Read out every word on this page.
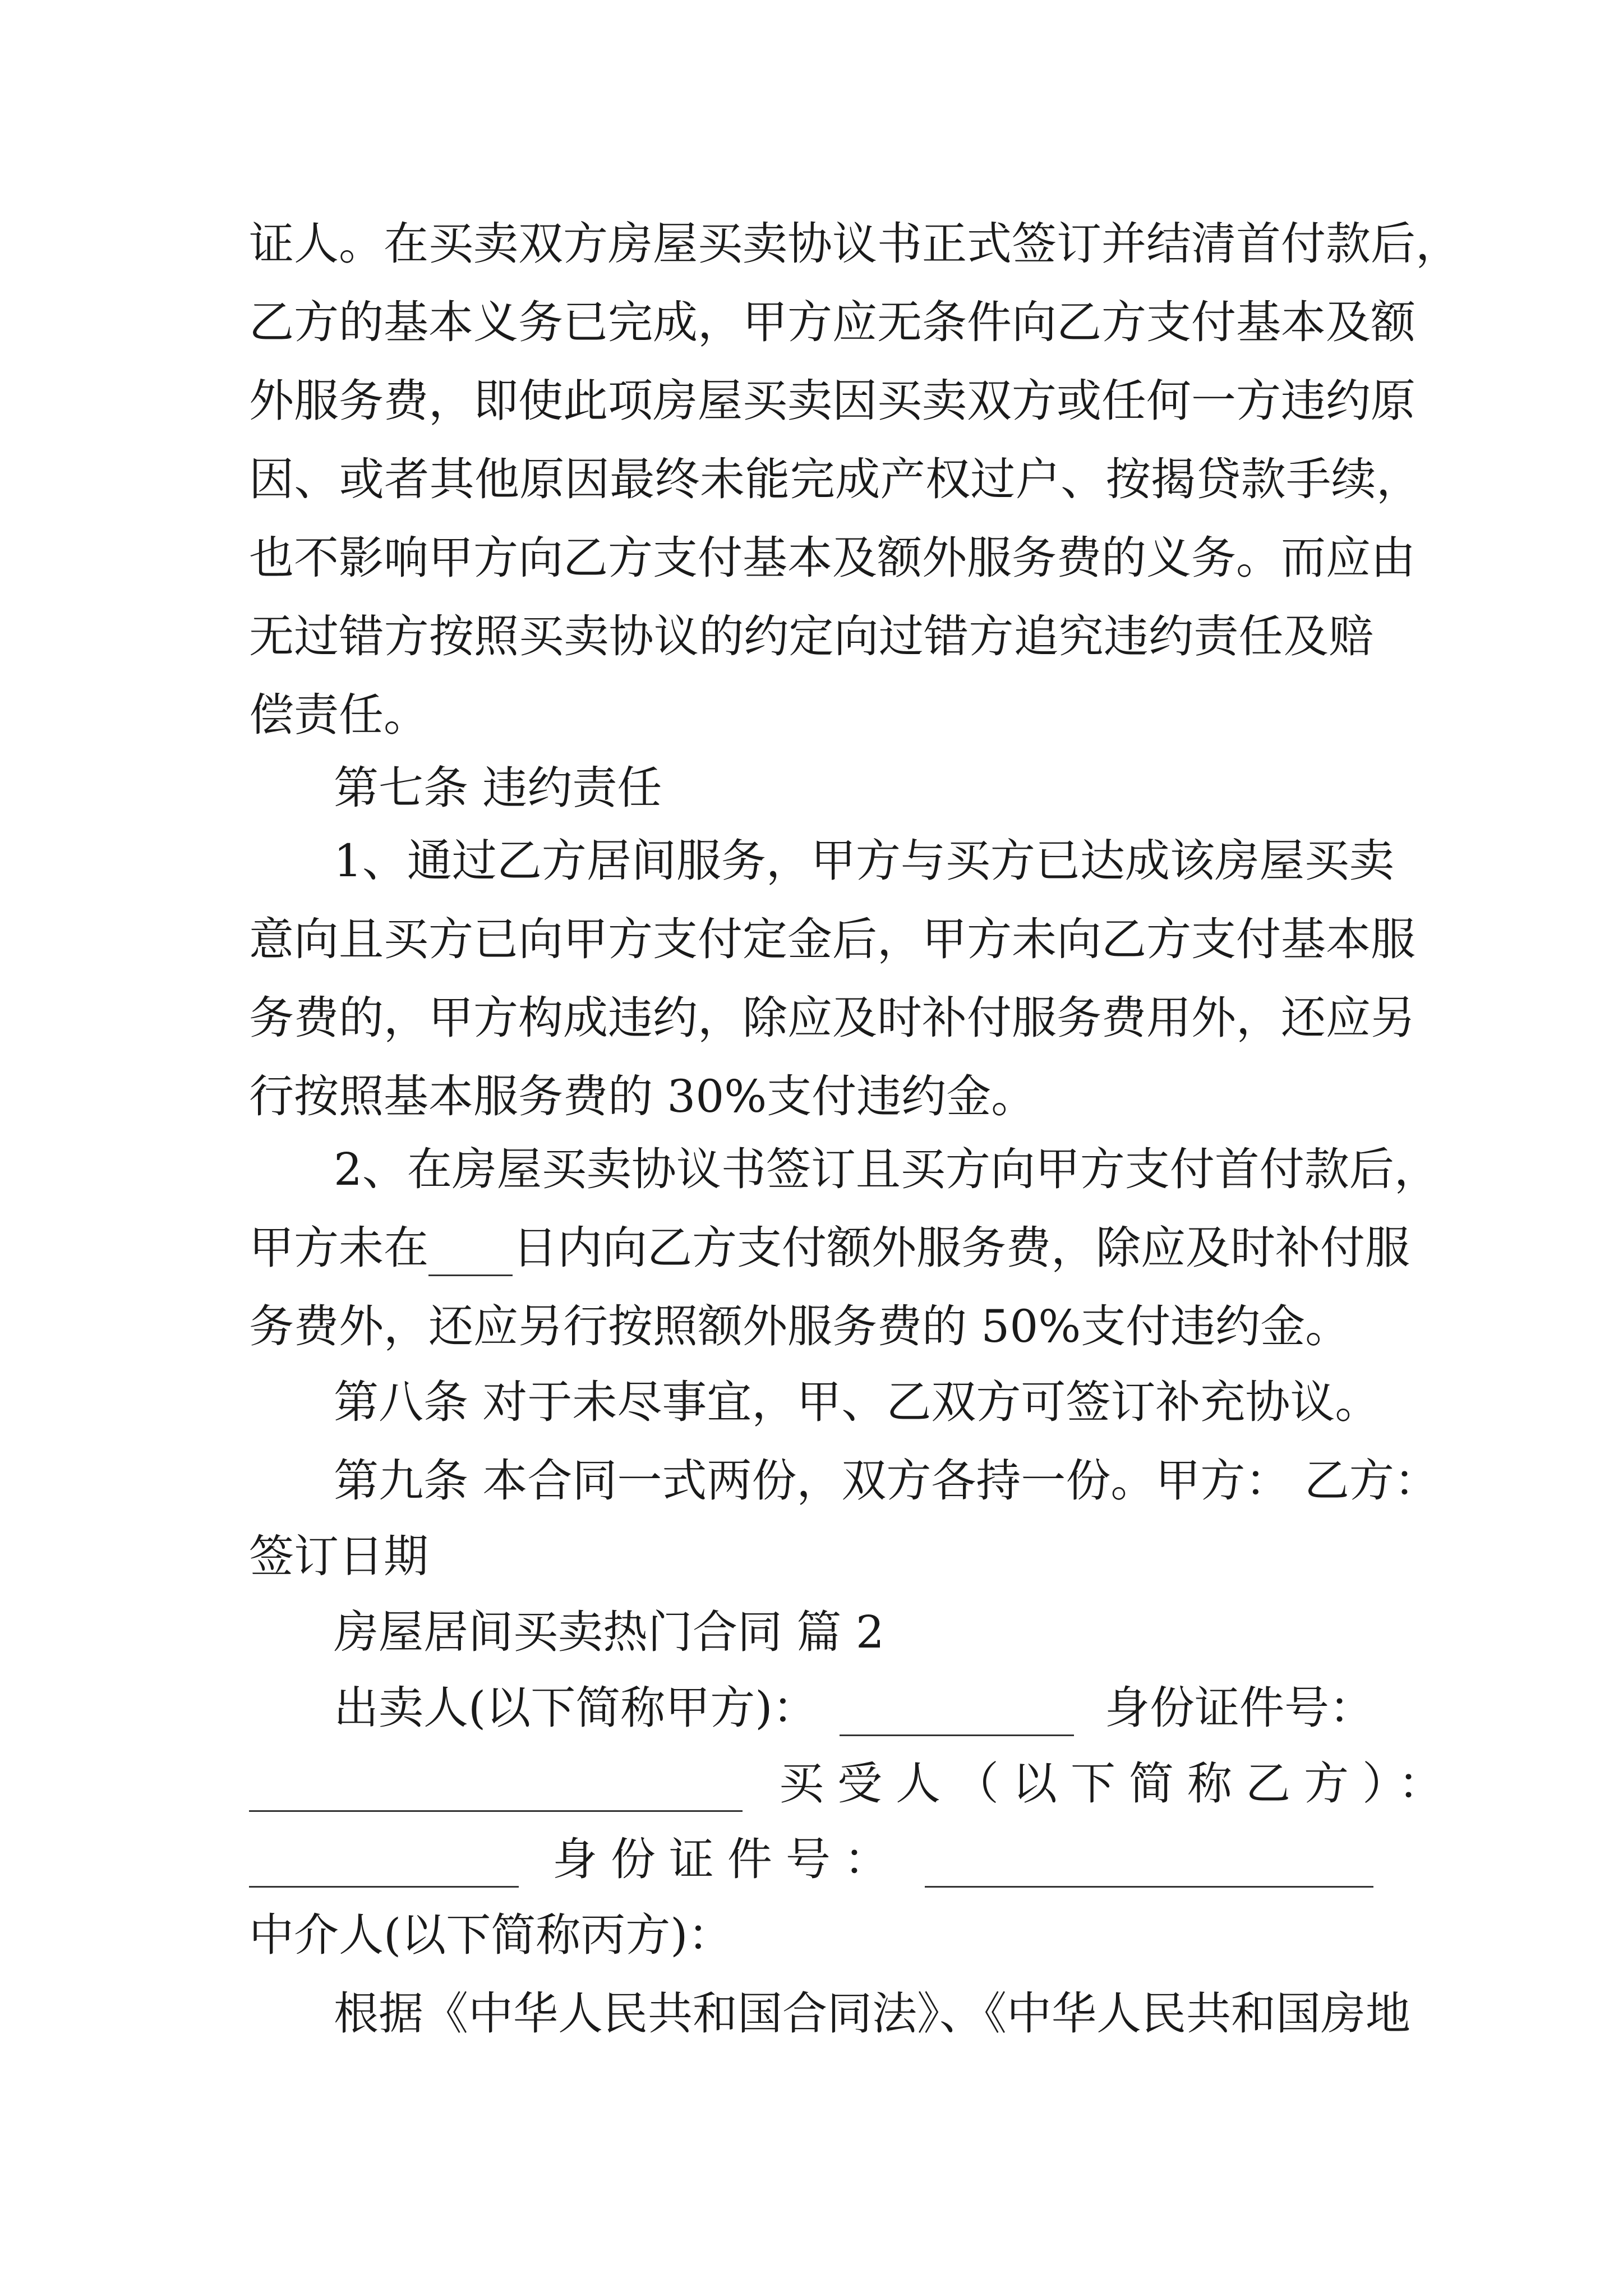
证人。在买卖双方房屋买卖协议书正式签订并结清首付款后，

乙方的基本义务已完成，甲方应无条件向乙方支付基本及额

外服务费，即使此项房屋买卖因买卖双方或任何一方违约原

因、或者其他原因最终未能完成产权过户、按揭贷款手续，

也不影响甲方向乙方支付基本及额外服务费的义务。而应由

无过错方按照买卖协议的约定向过错方追究违约责任及赔

偿责任。

第七条 违约责任

1、通过乙方居间服务，甲方与买方已达成该房屋买卖

意向且买方已向甲方支付定金后，甲方未向乙方支付基本服

务费的，甲方构成违约，除应及时补付服务费用外，还应另

行按照基本服务费的 30%支付违约金。

2、在房屋买卖协议书签订且买方向甲方支付首付款后，

甲方未在 日内向乙方支付额外服务费，除应及时补付服

务费外，还应另行按照额外服务费的 50%支付违约金。

第八条 对于未尽事宜，甲、乙双方可签订补充协议。

第九条 本合同一式两份，双方各持一份。甲方： 乙方：

签订日期

房屋居间买卖热门合同 篇 2

出卖人(以下简称甲方)：	身份证件号：
买受人（以下简称乙方）：
身份证件号：

中介人(以下简称丙方)：

根据《中华人民共和国合同法》、《中华人民共和国房地
